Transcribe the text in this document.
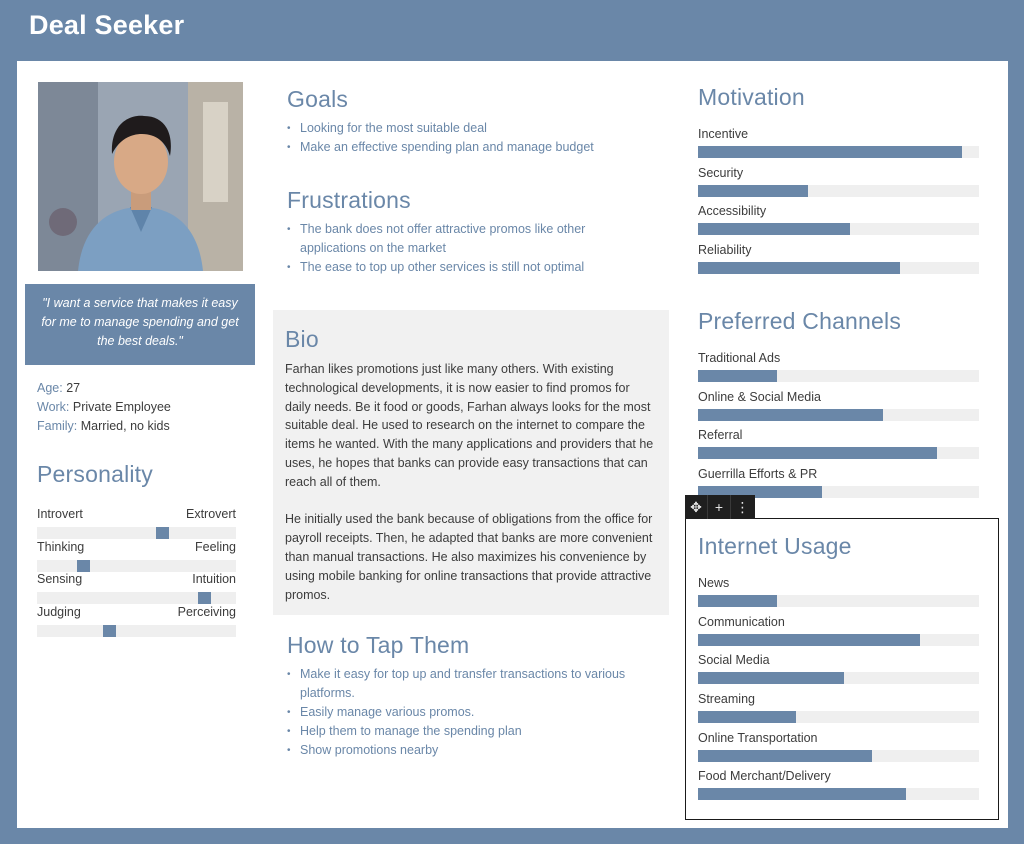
Deal Seeker
"I want a service that makes it easy for me to manage spending and get the best deals."
Age: 27
Work: Private Employee
Family: Married, no kids
Personality
Introvert	Extrovert
Thinking	Feeling
Sensing	Intuition
Judging	Perceiving
Goals
• Looking for the most suitable deal
• Make an effective spending plan and manage budget
Frustrations
• The bank does not offer attractive promos like other applications on the market
• The ease to top up other services is still not optimal
Bio

Farhan likes promotions just like many others. With existing technological developments, it is now easier to find promos for daily needs. Be it food or goods, Farhan always looks for the most suitable deal. He used to research on the internet to compare the items he wanted. With the many applications and providers that he uses, he hopes that banks can provide easy transactions that can reach all of them.

He initially used the bank because of obligations from the office for payroll receipts. Then, he adapted that banks are more convenient than manual transactions. He also maximizes his convenience by using mobile banking for online transactions that provide attractive promos.

How to Tap Them
• Make it easy for top up and transfer transactions to various platforms.
• Easily manage various promos.
• Help them to manage the spending plan
• Show promotions nearby
Motivation
Incentive
Security
Accessibility
Reliability
Preferred Channels
Traditional Ads
Online & Social Media
Referral
Guerrilla Efforts & PR
✥ + ⋮
Internet Usage
News
Communication
Social Media
Streaming
Online Transportation
Food Merchant/Delivery
